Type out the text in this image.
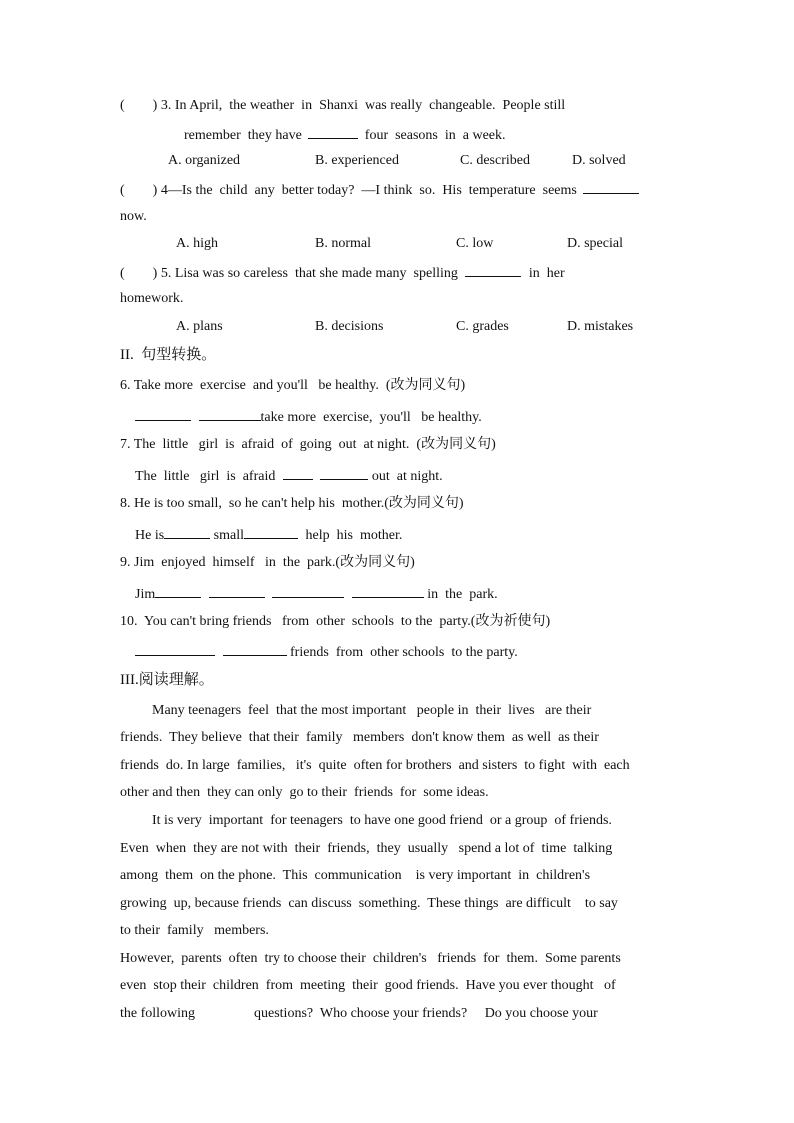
(        ) 3. In April,  the weather  in  Shanxi  was really  changeable.  People still
remember  they have	four  seasons  in  a week.
A. organized	B. experienced	C. described	D. solved
(        ) 4—Is the  child  any  better today?  —I think  so.  His  temperature  seems
now.
A. high	B. normal	C. low	D. special
(        ) 5. Lisa was so careless  that she made many  spelling	in  her
homework.
A. plans	B. decisions	C. grades	D. mistakes
II.  句型转换。
6. Take more  exercise  and you'll   be healthy.  (改为同义句)
take more  exercise,  you'll   be healthy.
7. The  little   girl  is  afraid  of  going  out  at night.  (改为同义句)
The  little   girl  is  afraid	out  at night.
8. He is too small,  so he can't help his  mother.(改为同义句)
He is	small	help  his  mother.
9. Jim  enjoyed  himself   in  the  park.(改为同义句)
Jim	in  the  park.
10.  You can't bring friends   from  other  schools  to the  party.(改为祈使句)
friends  from  other schools  to the party.
III.阅读理解。
Many teenagers  feel  that the most important   people in  their  lives   are their
friends.  They believe  that their  family   members  don't know them  as well  as their
friends  do. In large  families,   it's  quite  often for brothers  and sisters  to fight  with  each
other and then  they can only  go to their  friends  for  some ideas.
It is very  important  for teenagers  to have one good friend  or a group  of friends.
Even  when  they are not with  their  friends,  they  usually   spend a lot of  time  talking
among  them  on the phone.  This  communication    is very important  in  children's
growing  up, because friends  can discuss  something.  These things  are difficult    to say
to their  family   members.
However,  parents  often  try to choose their  children's   friends  for  them.  Some parents
even  stop their  children  from  meeting  their  good friends.  Have you ever thought   of
the following	questions?  Who choose your friends?     Do you choose your
